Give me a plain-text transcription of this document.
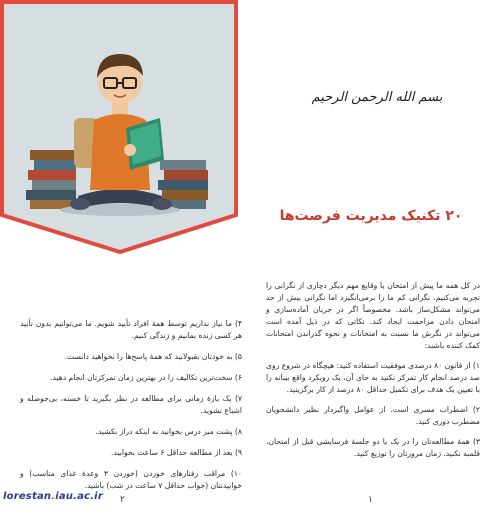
بسم الله الرحمن الرحیم
۲۰ تکنیک مدیریت فرصت‌ها

در کل همه ما پیش از امتحان یا وقایع مهم دیگر دچاری از نگرانی را تجربه می‌کنیم. نگرانی کم ما را برمی‌انگیزد اما نگرانی بیش از حد می‌تواند مشکل‌ساز باشد. مخصوصاً اگر در جریان آماده‌سازی و امتحان دادن مزاحمت ایجاد کند. نکاتی که در ذیل آمده است می‌تواند در نگرش ما نسبت به امتحانات و نحوه گذراندن امتحانات کمک کننده باشند:

۱) از قانون ۸۰ درصدی موفقیت استفاده کنید: هیچگاه در شروع روی صد درصد انجام کار تمرکز نکنید به جای آن، یک رویکرد واقع بینانه را با تعیین یک هدف برای تکمیل حداقل ۸۰ درصد از کار برگزینید.

۲) اضطراب مسری است. از عوامل واگیردار نظیر دانشجویان مضطرب دوری کنید.

۳) همهٔ مطالعه‌تان را در یک یا دو جلسهٔ فرسایشی قبل از امتحان، قلمبه نکنید. زمان مرورتان را توزیع کنید.

۴) ما نیاز نداریم توسط همهٔ افراد تأیید شویم. ما می‌توانیم بدون تأیید هر کسی زنده بمانیم و زندگی کنیم.

۵) به خودتان بقبولانید که همهٔ پاسخ‌ها را نخواهید دانست.

۶) سخت‌ترین تکالیف را در بهترین زمان تمرکزتان انجام دهید.

۷) یک بازهٔ زمانی برای مطالعه در نظر بگیرید تا خسته، بی‌حوصله و اشباع نشوید.

۸) پشت میز درس بخوانید نه اینکه دراز بکشید.

۹) بعد از مطالعه حداقل ۶ ساعت بخوابید.

۱۰) مراقب رفتارهای خوردن (خوردن ۳ وعدهٔ غذای مناسب) و خوابیدنتان (خواب حداقل ۷ ساعت در شب) باشید.

۱
۲
lorestan.iau.ac.ir
